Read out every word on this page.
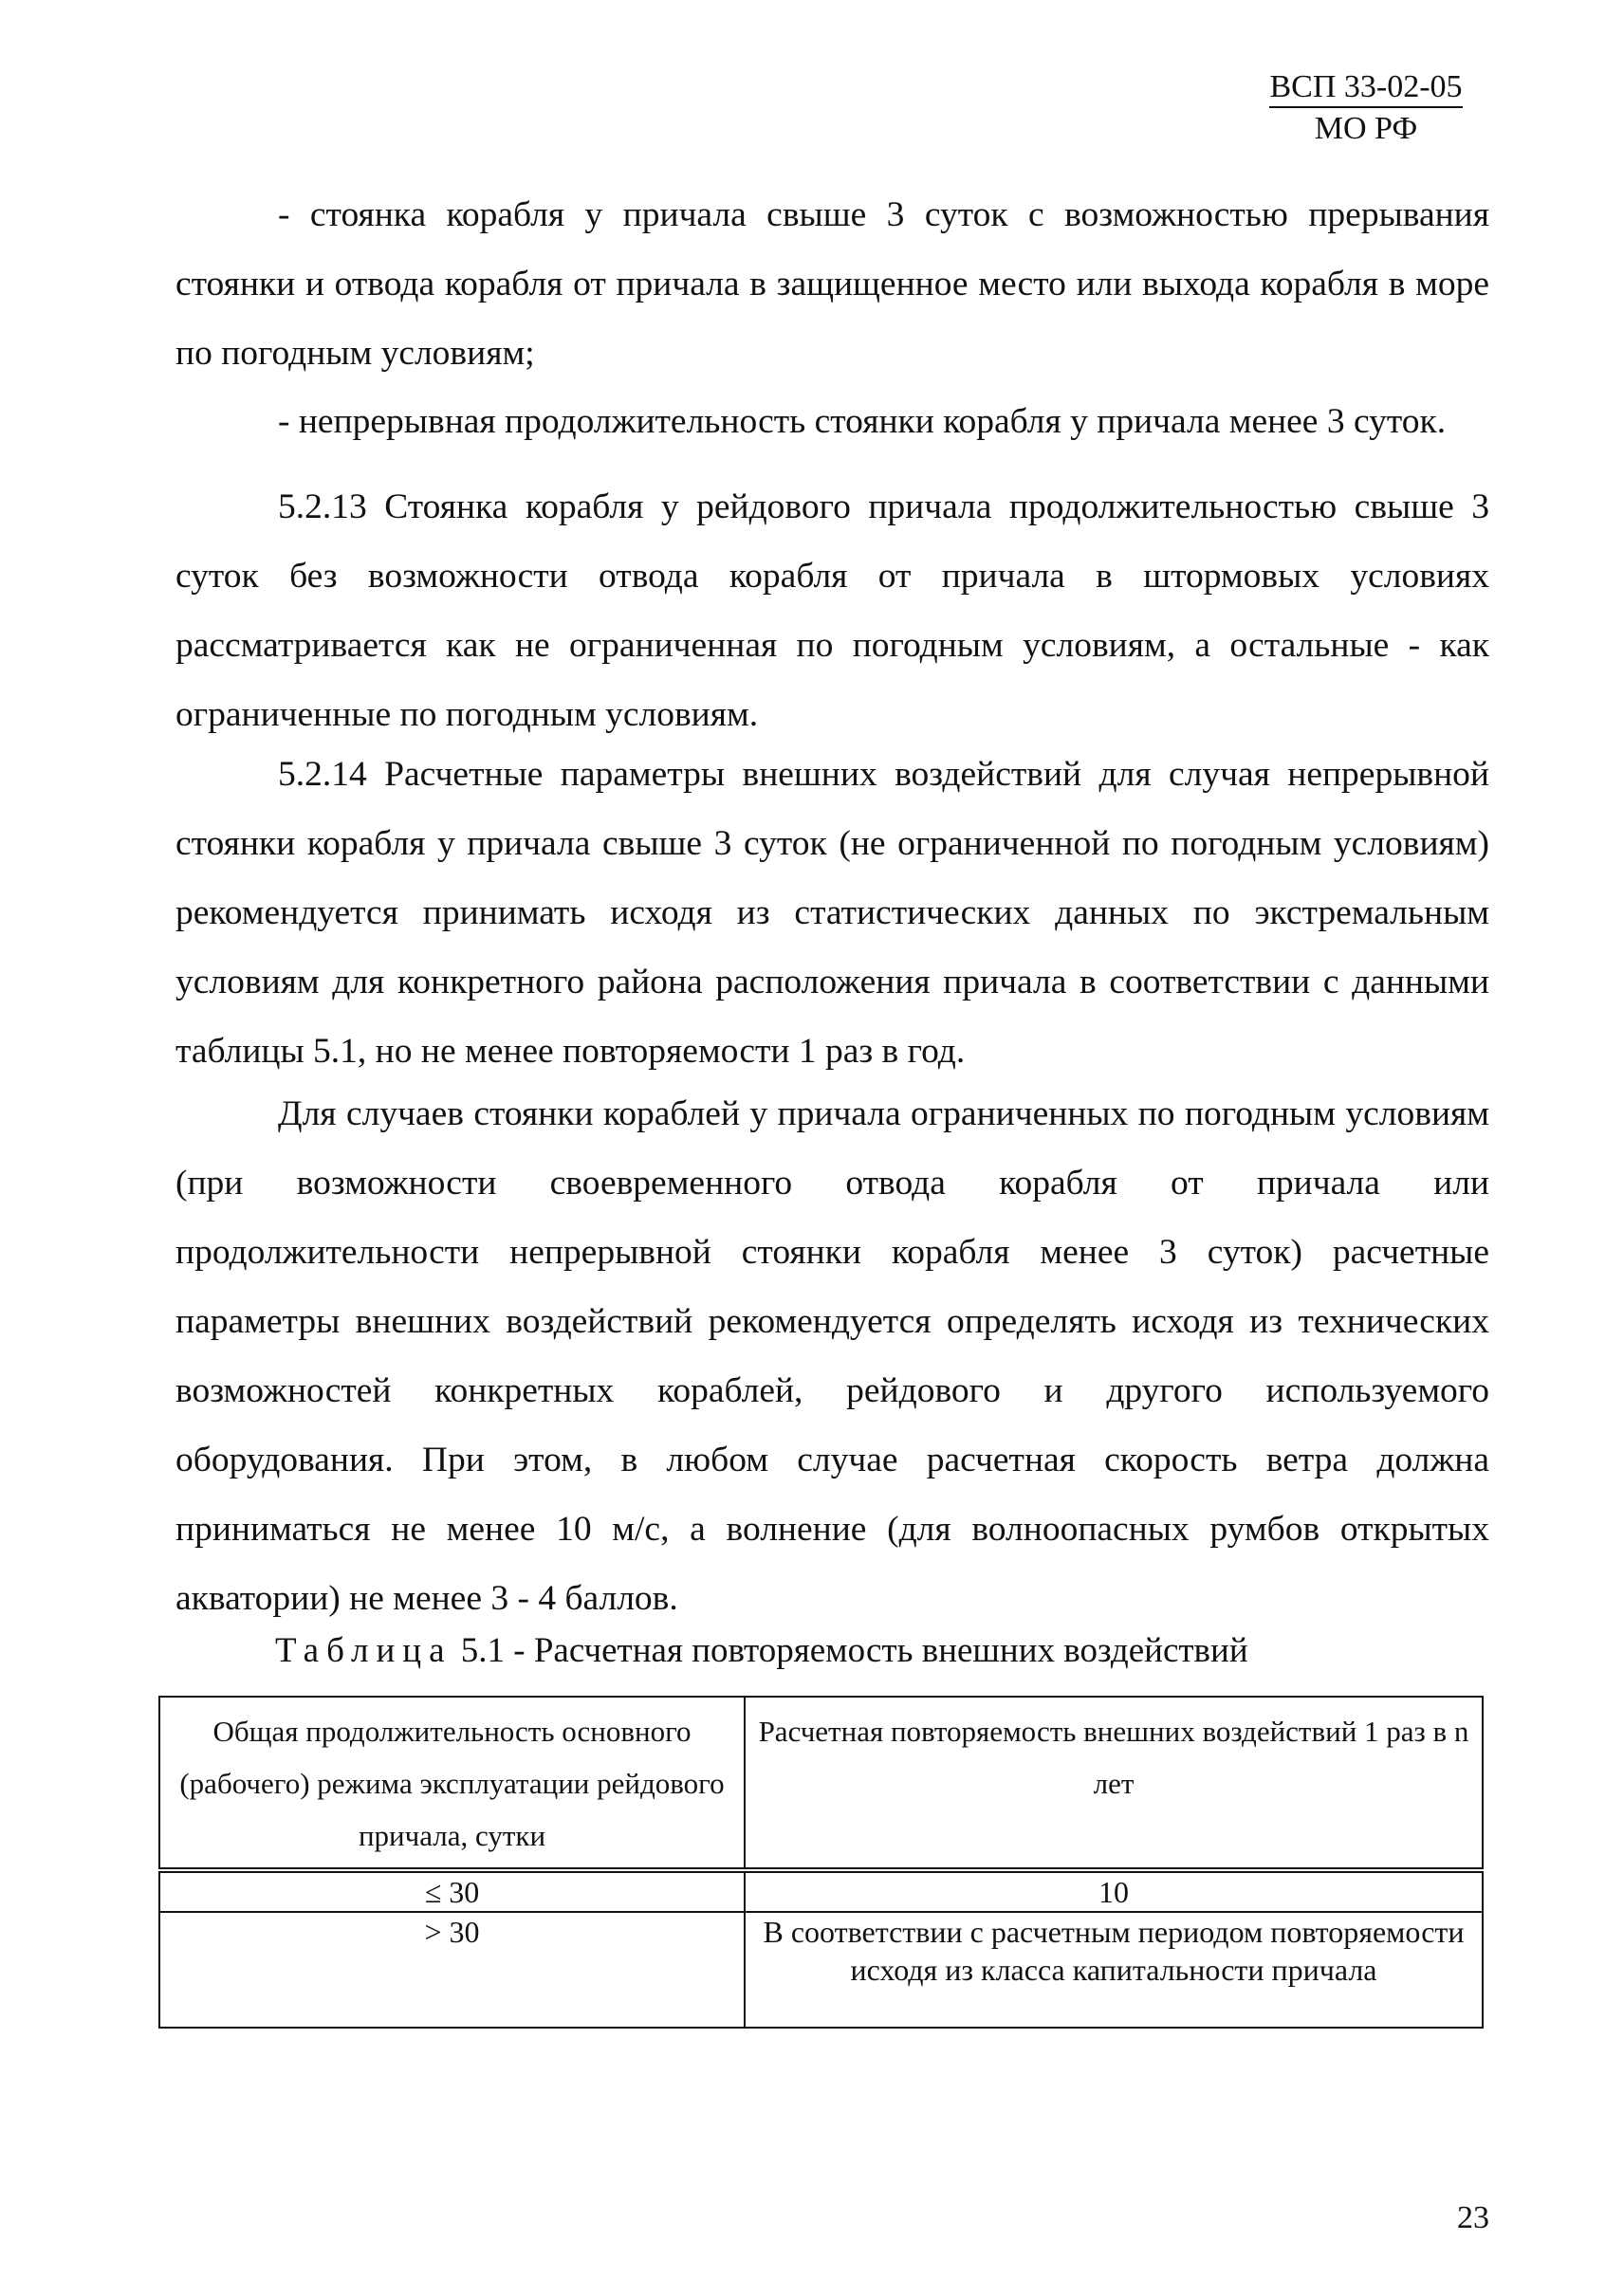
ВСП 33-02-05
МО РФ

- стоянка корабля у причала свыше 3 суток с возможностью прерывания стоянки и отвода корабля от причала в защищенное место или выхода корабля в море по погодным условиям;

- непрерывная продолжительность стоянки корабля у причала менее 3 суток.

5.2.13 Стоянка корабля у рейдового причала продолжительностью свыше 3 суток без возможности отвода корабля от причала в штормовых условиях рассматривается как не ограниченная по погодным условиям, а остальные - как ограниченные по погодным условиям.

5.2.14 Расчетные параметры внешних воздействий для случая непрерывной стоянки корабля у причала свыше 3 суток (не ограниченной по погодным условиям) рекомендуется принимать исходя из статистических данных по экстремальным условиям для конкретного района расположения причала в соответствии с данными таблицы 5.1, но не менее повторяемости 1 раз в год.

Для случаев стоянки кораблей у причала ограниченных по погодным условиям (при возможности своевременного отвода корабля от причала или продолжительности непрерывной стоянки корабля менее 3 суток) расчетные параметры внешних воздействий рекомендуется определять исходя из технических возможностей конкретных кораблей, рейдового и другого используемого оборудования. При этом, в любом случае расчетная скорость ветра должна приниматься не менее 10 м/с, а волнение (для волноопасных румбов открытых акватории) не менее 3 - 4 баллов.

Таблица 5.1 - Расчетная повторяемость внешних воздействий
Общая продолжительность основного (рабочего) режима эксплуатации рейдового причала, сутки	Расчетная повторяемость внешних воздействий 1 раз в n лет
≤ 30	10
> 30	В соответствии с расчетным периодом повторяемости исходя из класса капитальности причала
23
